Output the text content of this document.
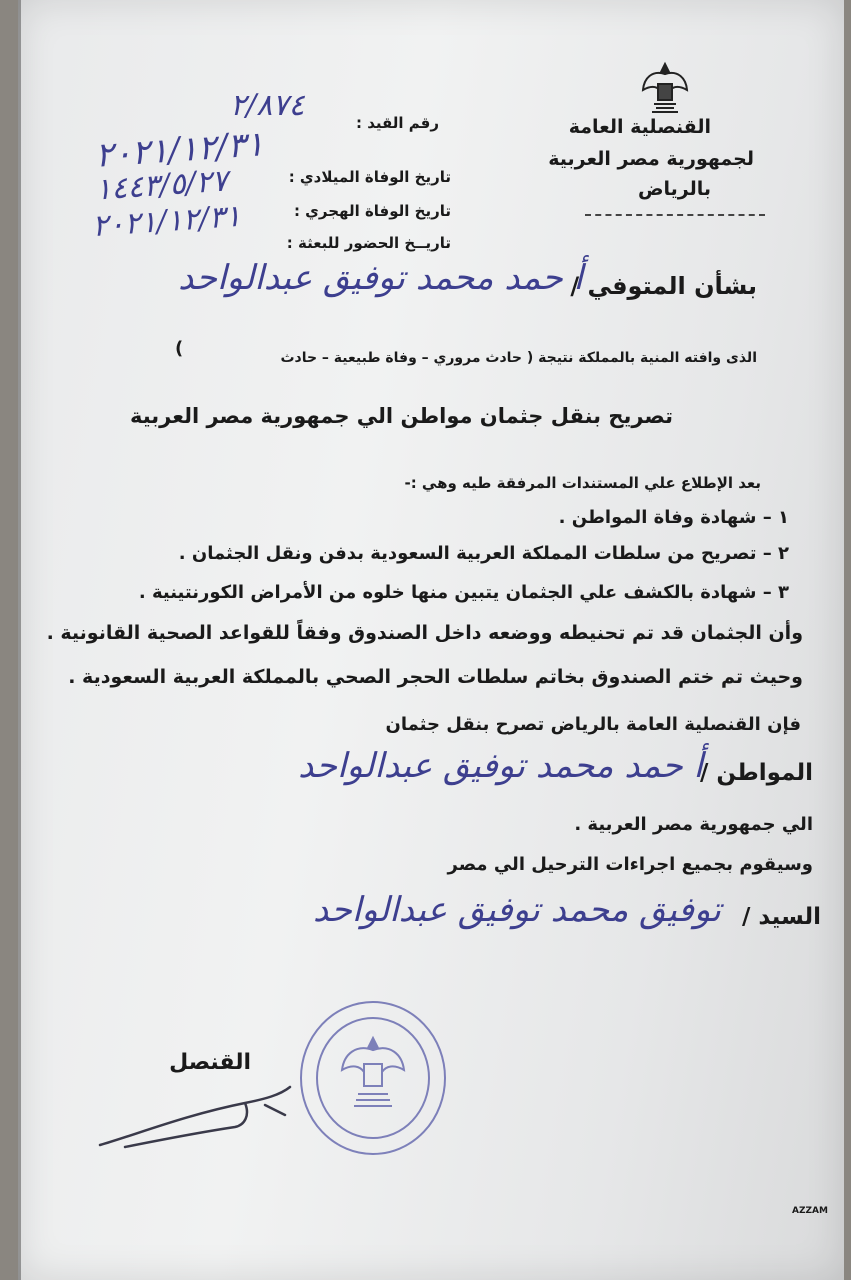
القنصلية العامة
لجمهورية مصر العربية
بالرياض
رقم القيد :
٢/٨٧٤
تاريخ الوفاة الميلادي :
٢٠٢١/١٢/٣١
تاريخ الوفاة الهجري :
١٤٤٣/٥/٢٧
تاريــخ الحضور للبعثة :
٢٠٢١/١٢/٣١
بشأن المتوفي /
أ حمد محمد توفيق عبدالواحد
الذى وافته المنية بالمملكة نتيجة ( حادث مروري – وفاة طبيعية – حادث
)
تصريح بنقل جثمان مواطن الي جمهورية مصر العربية
بعد الإطلاع علي المستندات المرفقة طيه وهي :-
١ – شهادة وفاة المواطن .
٢ – تصريح من سلطات المملكة العربية السعودية بدفن ونقل الجثمان .
٣ – شهادة بالكشف علي الجثمان يتبين منها خلوه من الأمراض الكورنتينية .
وأن الجثمان قد تم تحنيطه ووضعه داخل الصندوق وفقاً للقواعد الصحية القانونية .
وحيث تم ختم الصندوق بخاتم سلطات الحجر الصحي بالمملكة العربية السعودية .
فإن القنصلية العامة بالرياض تصرح بنقل جثمان
المواطن /
أ حمد محمد توفيق عبدالواحد
الي جمهورية مصر العربية .
وسيقوم بجميع اجراءات الترحيل الي مصر
السيد /
توفيق محمد توفيق عبدالواحد
القنصل
AZZAM
